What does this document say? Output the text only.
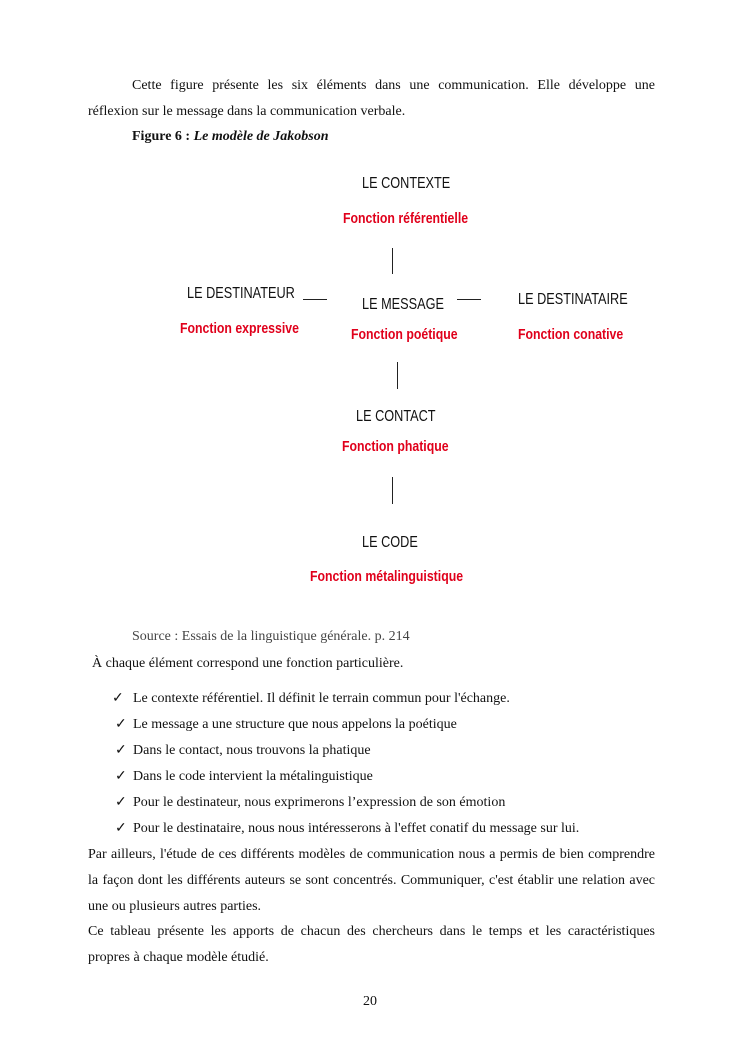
Cette figure présente les six éléments dans une communication. Elle développe une
réflexion sur le message dans la communication verbale.
Figure 6 : Le modèle de Jakobson
LE CONTEXTE
Fonction référentielle
LE DESTINATEUR
Fonction expressive
LE MESSAGE
Fonction poétique
LE DESTINATAIRE
Fonction conative
LE CONTACT
Fonction phatique
LE CODE
Fonction métalinguistique
Source : Essais de la linguistique générale. p. 214
À chaque élément correspond une fonction particulière.
✓ Le contexte référentiel. Il définit le terrain commun pour l'échange.
✓ Le message a une structure que nous appelons la poétique
✓ Dans le contact, nous trouvons la phatique
✓ Dans le code intervient la métalinguistique
✓ Pour le destinateur, nous exprimerons l’expression de son émotion
✓ Pour le destinataire, nous nous intéresserons à l'effet conatif du message sur lui.
Par ailleurs, l'étude de ces différents modèles de communication nous a permis de bien comprendre la façon dont les différents auteurs se sont concentrés. Communiquer, c'est établir une relation avec une ou plusieurs autres parties.
Ce tableau présente les apports de chacun des chercheurs dans le temps et les caractéristiques propres à chaque modèle étudié.
20
